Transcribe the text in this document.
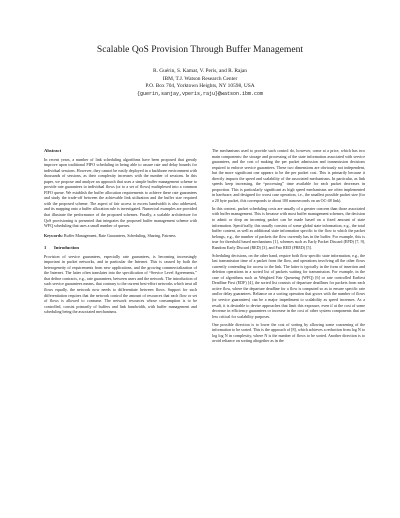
Scalable QoS Provision Through Buffer Management
R. Guérin, S. Kamat, V. Peris, and R. Rajan
IBM, T.J. Watson Research Center
P.O. Box 704, Yorktown Heights, NY 10598, USA
{guerin,sanjay,vperis,raju}@watson.ibm.com
Abstract

In recent years, a number of link scheduling algorithms have been proposed that greatly improve upon traditional FIFO scheduling in being able to assure rate and delay bounds for individual sessions. However, they cannot be easily deployed in a backbone environment with thousands of sessions, as their complexity increases with the number of sessions. In this paper, we propose and analyze an approach that uses a simple buffer management scheme to provide rate guarantees to individual flows (or to a set of flows) multiplexed into a common FIFO queue. We establish the buffer allocation requirements to achieve these rate guarantees and study the trade-off between the achievable link utilization and the buffer size required with the proposed scheme. The aspect of fair access to excess bandwidth is also addressed, and its mapping onto a buffer allocation rule is investigated. Numerical examples are provided that illustrate the performance of the proposed schemes. Finally, a scalable architecture for QoS provisioning is presented that integrates the proposed buffer management scheme with WFQ scheduling that uses a small number of queues.

Keywords: Buffer Management, Rate Guarantees, Scheduling, Sharing, Fairness

1 Introduction

Provision of service guarantees, especially rate guarantees, is becoming increasingly important in packet networks, and in particular the Internet. This is caused by both the heterogeneity of requirements from new applications, and the growing commercialization of the Internet. The latter often translates into the specification of “Service Level Agreements,” that define contracts, e.g., rate guarantees, between users and the network. The introduction of such service guarantees means, that contrary to the current best-effort networks which treat all flows equally, the network now needs to differentiate between flows. Support for such differentiation requires that the network control the amount of resources that each flow or set of flows is allowed to consume. The network resources whose consumption is to be controlled, consist primarily of buffers and link bandwidth, with buffer management and scheduling being the associated mechanisms.

The mechanisms used to provide such control do, however, come at a price, which has two main components: the storage and processing of the state information associated with service guarantees, and the cost of making the per packet admission and transmission decisions required to enforce service guarantees. These two dimensions are obviously not independent, but the more significant one appears to be the per packet cost. This is primarily because it directly impacts the speed and scalability of the associated mechanisms. In particular, as link speeds keep increasing, the “processing” time available for each packet decreases in proportion. This is particularly significant as high speed mechanisms are often implemented in hardware, and designed for worst case operation, i.e., the smallest possible packet size (for a 20 byte packet, this corresponds to about 100 nanoseconds on an OC-48 link).

In this context, packet scheduling costs are usually of a greater concern than those associated with buffer management. This is because with most buffer management schemes, the decision to admit or drop an incoming packet can be made based on a fixed amount of state information. Specifically, this usually consists of some global state information, e.g., the total buffer content, as well as additional state information specific to the flow to which the packet belongs, e.g., the number of packets the flow currently has in the buffer. For example, this is true for threshold based mechanisms [1], schemes such as Early Packet Discard (EPD) [7, 9], Random Early Discard (RED) [3], and Fair RED (FRED) [5].

Scheduling decisions, on the other hand, require both flow specific state information, e.g., the last transmission time of a packet from the flow, and operations involving all the other flows currently contending for access to the link. The latter is typically in the form of insertion and deletion operations in a sorted list of packets waiting for transmission. For example, in the case of algorithms such as Weighted Fair Queueing (WFQ) [6] or rate controlled Earliest Deadline First (EDF) [4], the sorted list consists of departure deadlines for packets from each active flow, where the departure deadline for a flow is computed so as to ensure specific rate and/or delay guarantees. Reliance on a sorting operation that grows with the number of flows (or service guarantees) can be a major impediment to scalability as speed increases. As a result, it is desirable to devise approaches that limit this exposure, even if at the cost of some decrease in efficiency guarantees or increase in the cost of other system components that are less critical for scalability purposes.

One possible direction is to lower the cost of sorting by allowing some coarsening of the information to be sorted. This is the approach of [8], which achieves a reduction from log N to log log N in complexity, where N is the number of flows to be sorted. Another direction is to avoid reliance on sorting altogether as in the
